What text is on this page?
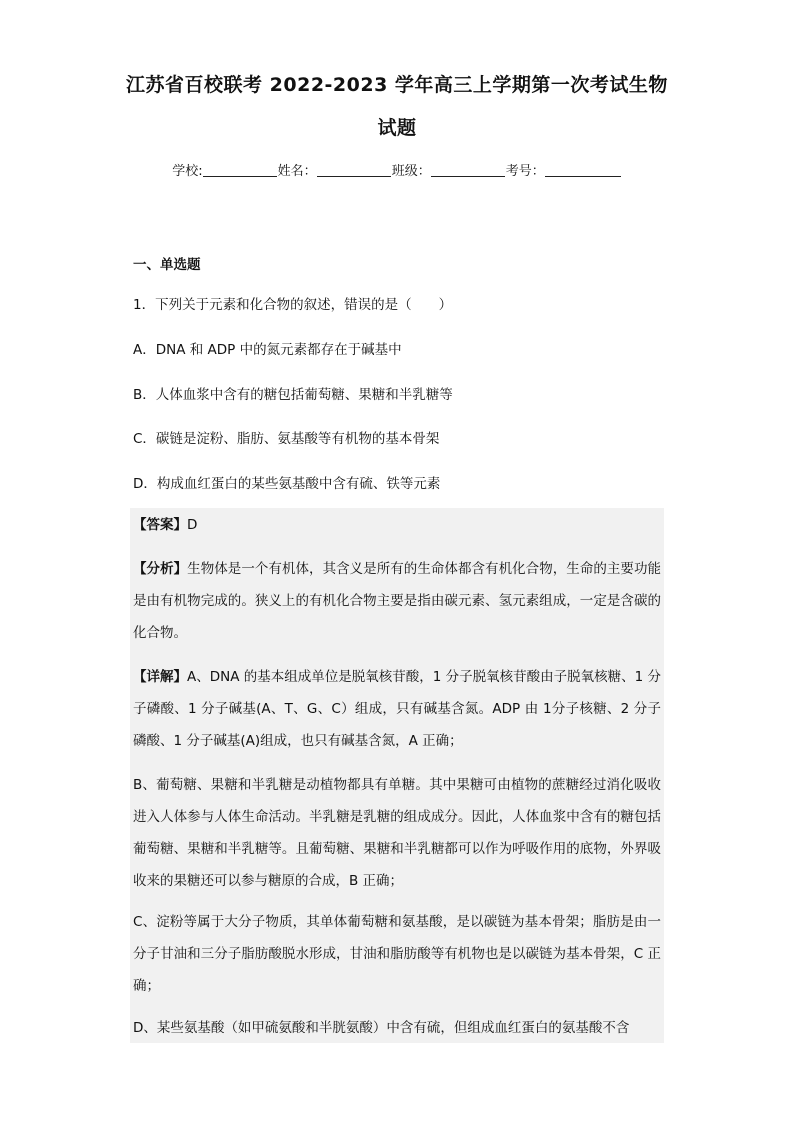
江苏省百校联考 2022-2023 学年高三上学期第一次考试生物
试题
学校:	姓名：	班级：	考号：
一、单选题
1．下列关于元素和化合物的叙述，错误的是（　　）
A．DNA 和 ADP 中的氮元素都存在于碱基中
B．人体血浆中含有的糖包括葡萄糖、果糖和半乳糖等
C．碳链是淀粉、脂肪、氨基酸等有机物的基本骨架
D．构成血红蛋白的某些氨基酸中含有硫、铁等元素
【答案】D
【分析】生物体是一个有机体，其含义是所有的生命体都含有机化合物，生命的主要功能是由有机物完成的。狭义上的有机化合物主要是指由碳元素、氢元素组成，一定是含碳的化合物。
【详解】A、DNA 的基本组成单位是脱氧核苷酸，1 分子脱氧核苷酸由子脱氧核糖、1 分子磷酸、1 分子碱基(A、T、G、C）组成，只有碱基含氮。ADP 由 1分子核糖、2 分子磷酸、1 分子碱基(A)组成，也只有碱基含氮，A 正确；
B、葡萄糖、果糖和半乳糖是动植物都具有单糖。其中果糖可由植物的蔗糖经过消化吸收进入人体参与人体生命活动。半乳糖是乳糖的组成成分。因此，人体血浆中含有的糖包括葡萄糖、果糖和半乳糖等。且葡萄糖、果糖和半乳糖都可以作为呼吸作用的底物，外界吸收来的果糖还可以参与糖原的合成，B 正确；
C、淀粉等属于大分子物质，其单体葡萄糖和氨基酸，是以碳链为基本骨架；脂肪是由一分子甘油和三分子脂肪酸脱水形成，甘油和脂肪酸等有机物也是以碳链为基本骨架，C 正确；
D、某些氨基酸（如甲硫氨酸和半胱氨酸）中含有硫，但组成血红蛋白的氨基酸不含
